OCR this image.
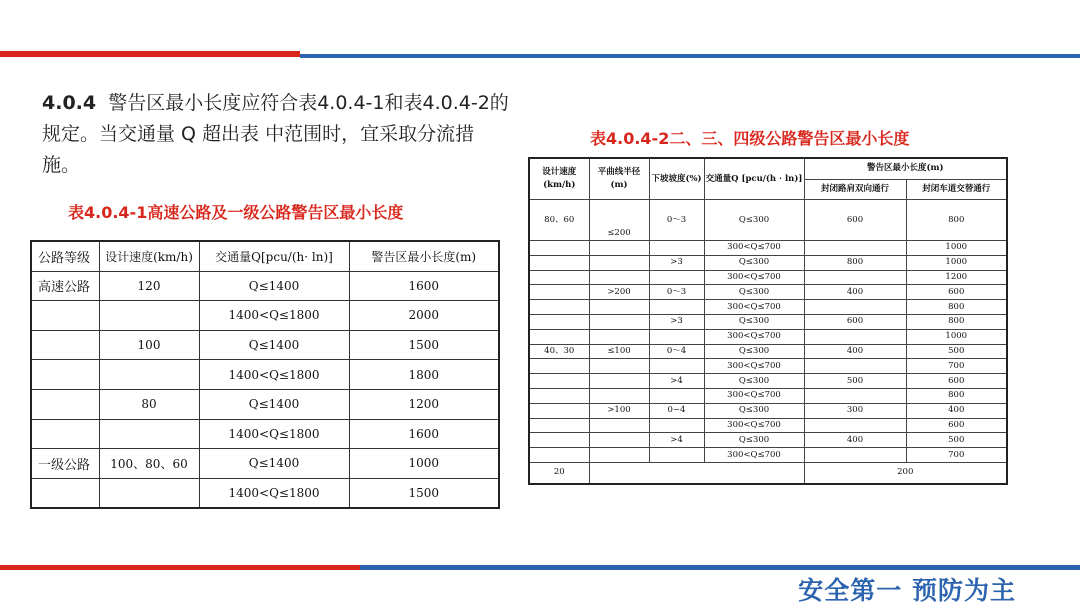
4.0.4 警告区最小长度应符合表4.0.4-1和表4.0.4-2的规定。当交通量 Q 超出表 中范围时，宜采取分流措施。
表4.0.4-1高速公路及一级公路警告区最小长度
表4.0.4-2二、三、四级公路警告区最小长度
公路等级	设计速度(km/h)	交通量Q[pcu/(h· ln)]	警告区最小长度(m)
高速公路	120	Q≤1400	1600
		1400<Q≤1800	2000
	100	Q≤1400	1500
		1400<Q≤1800	1800
	80	Q≤1400	1200
		1400<Q≤1800	1600
一级公路	100、80、60	Q≤1400	1000
		1400<Q≤1800	1500
设计速度(km/h)	平曲线半径(m)	下坡坡度(%)	交通量Q [pcu/(h · ln)]	警告区最小长度(m)	
				封闭路肩双向通行	封闭车道交替通行
80、60	≤200	0～3	Q≤300	600	800
			300<Q≤700		1000
		>3	Q≤300	800	1000
			300<Q≤700		1200
	>200	0～3	Q≤300	400	600
			300<Q≤700		800
		>3	Q≤300	600	800
			300<Q≤700		1000
40、30	≤100	0～4	Q≤300	400	500
			300<Q≤700		700
		>4	Q≤300	500	600
			300<Q≤700		800
	>100	0~4	Q≤300	300	400
			300<Q≤700		600
		>4	Q≤300	400	500
			300<Q≤700		700
20				200	
安全第一 预防为主
